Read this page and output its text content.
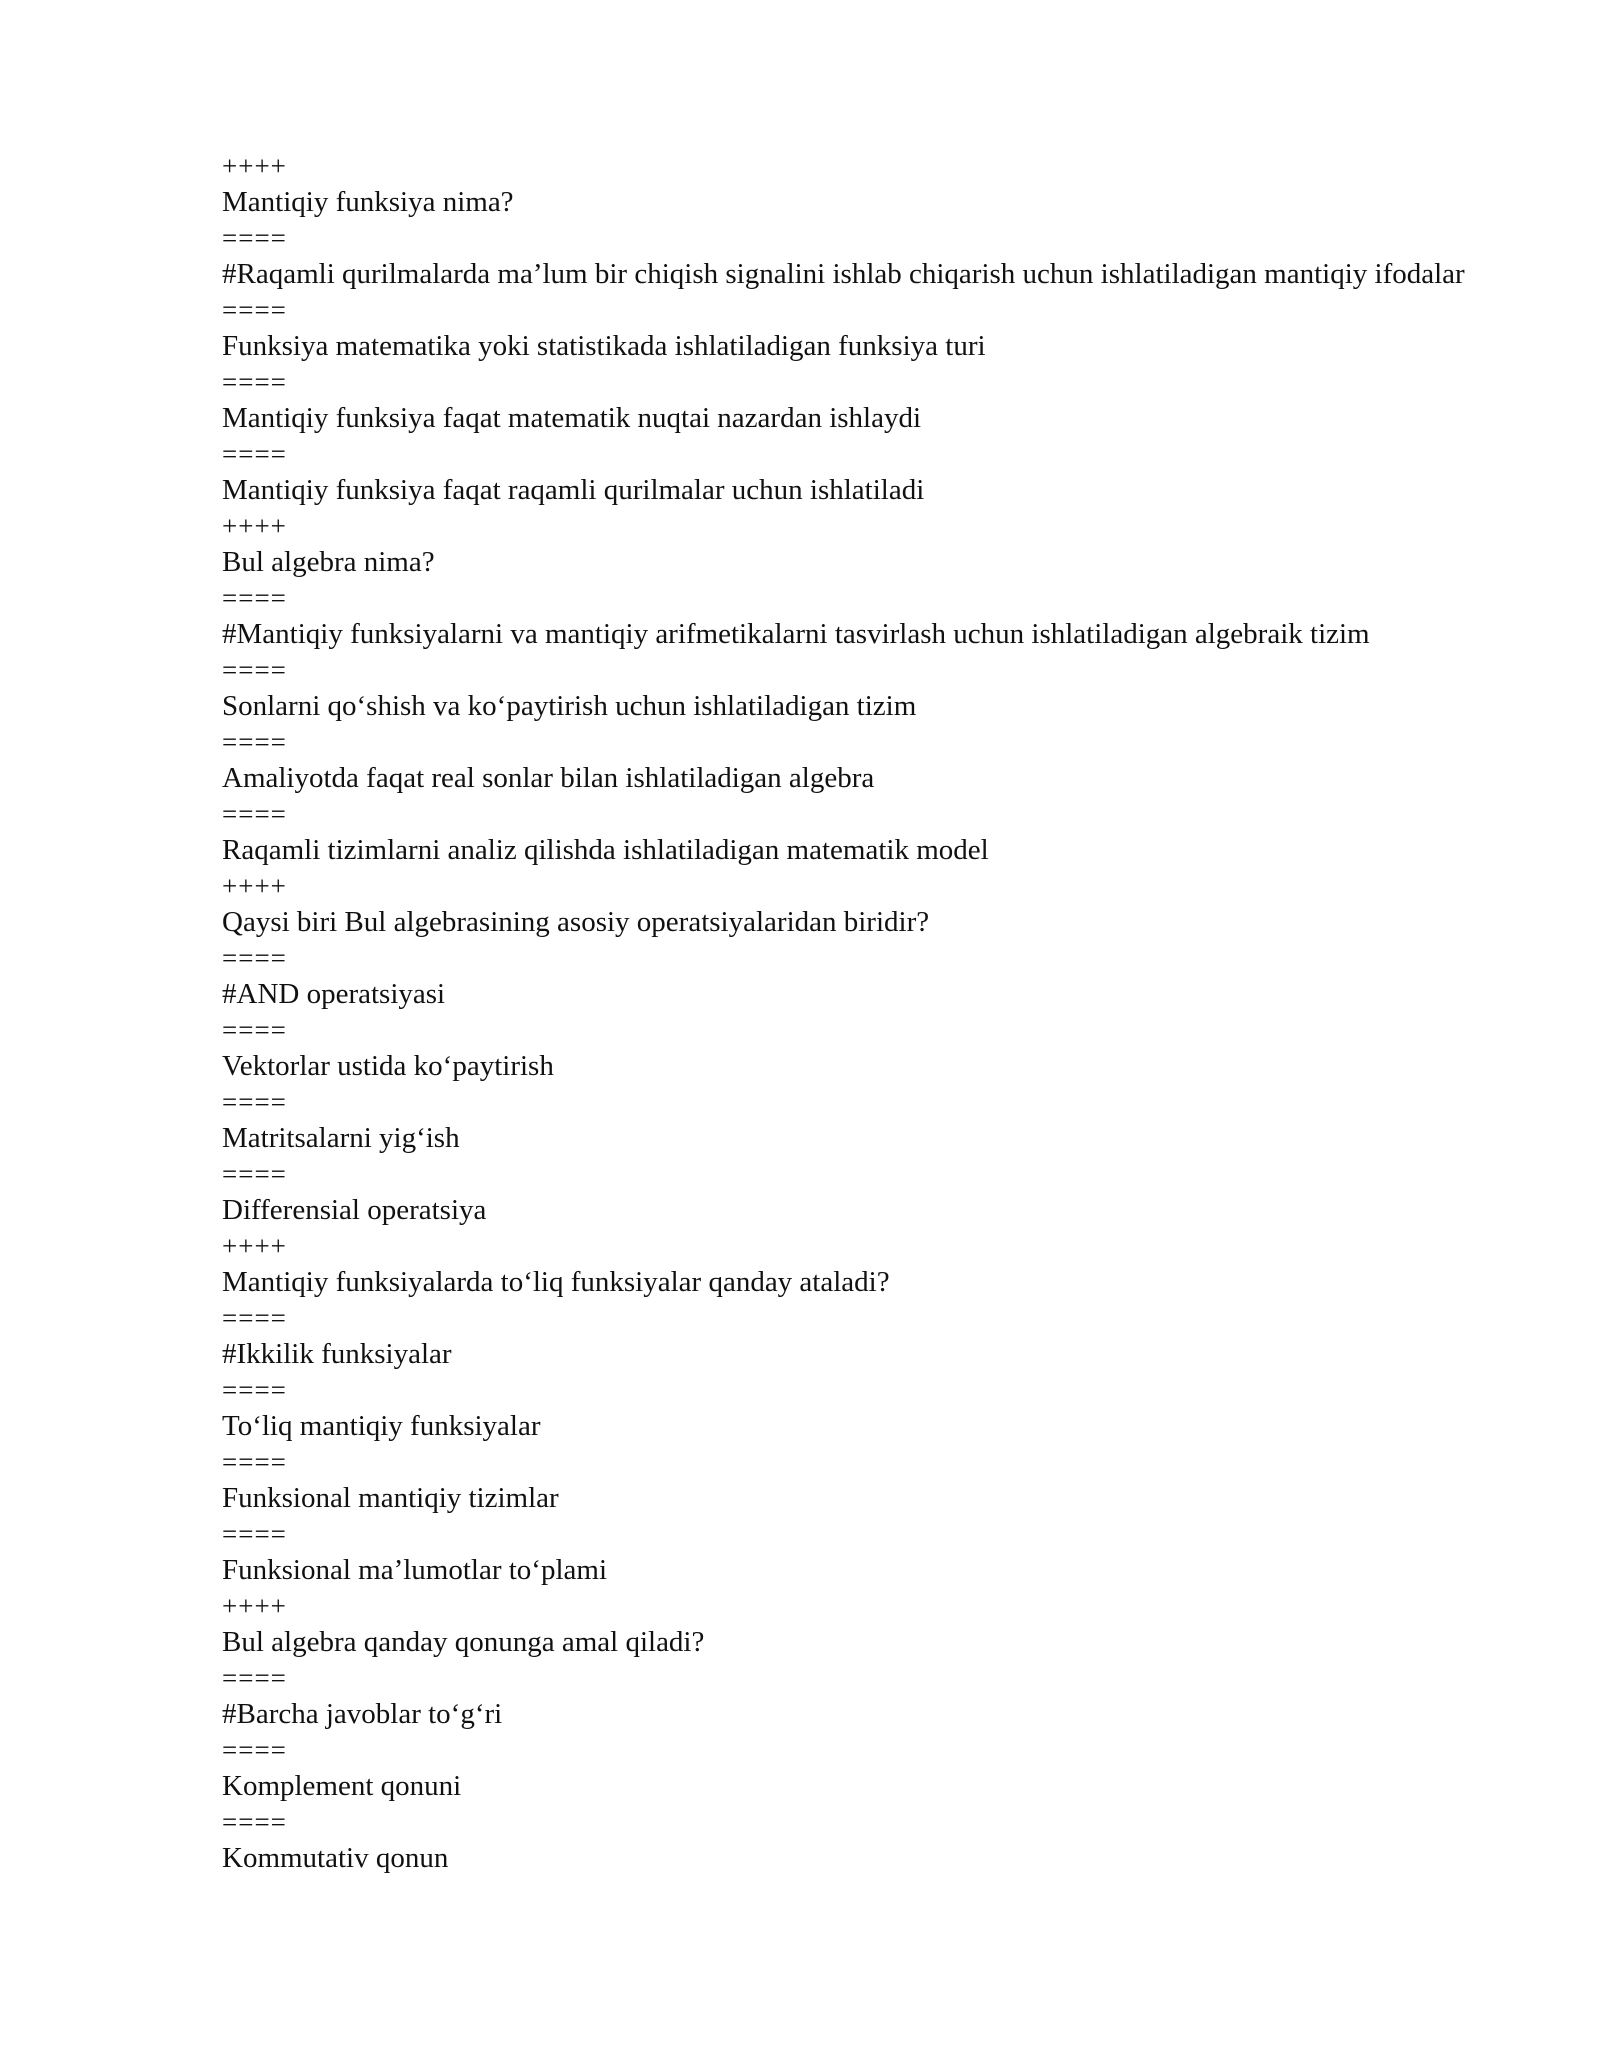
++++
Mantiqiy funksiya nima?
====
#Raqamli qurilmalarda ma’lum bir chiqish signalini ishlab chiqarish uchun ishlatiladigan mantiqiy ifodalar
====
Funksiya matematika yoki statistikada ishlatiladigan funksiya turi
====
Mantiqiy funksiya faqat matematik nuqtai nazardan ishlaydi
====
Mantiqiy funksiya faqat raqamli qurilmalar uchun ishlatiladi
++++
Bul algebra nima?
====
#Mantiqiy funksiyalarni va mantiqiy arifmetikalarni tasvirlash uchun ishlatiladigan algebraik tizim
====
Sonlarni qo‘shish va ko‘paytirish uchun ishlatiladigan tizim
====
Amaliyotda faqat real sonlar bilan ishlatiladigan algebra
====
Raqamli tizimlarni analiz qilishda ishlatiladigan matematik model
++++
Qaysi biri Bul algebrasining asosiy operatsiyalaridan biridir?
====
#AND operatsiyasi
====
Vektorlar ustida ko‘paytirish
====
Matritsalarni yig‘ish
====
Differensial operatsiya
++++
Mantiqiy funksiyalarda to‘liq funksiyalar qanday ataladi?
====
#Ikkilik funksiyalar
====
To‘liq mantiqiy funksiyalar
====
Funksional mantiqiy tizimlar
====
Funksional ma’lumotlar to‘plami
++++
Bul algebra qanday qonunga amal qiladi?
====
#Barcha javoblar to‘g‘ri
====
Komplement qonuni
====
Kommutativ qonun
